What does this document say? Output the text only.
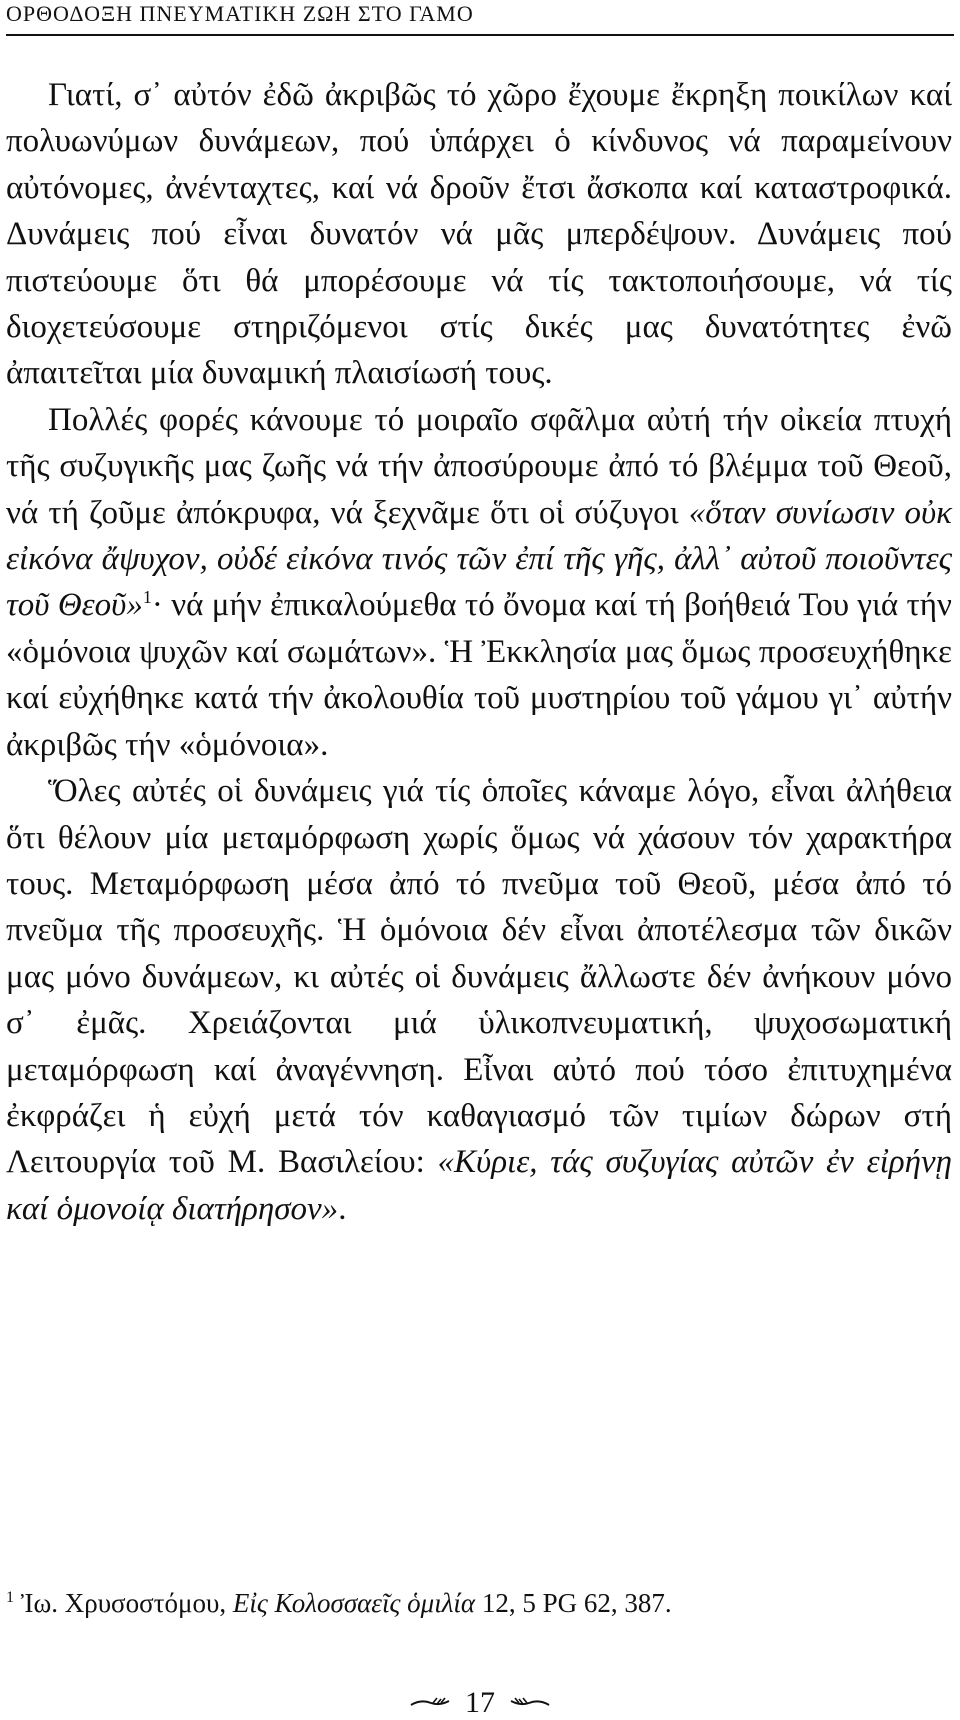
ΟΡΘΟΔΟΞΗ ΠΝΕΥΜΑΤΙΚΗ ΖΩΗ ΣΤΟ ΓΑΜΟ

Γιατί, σ᾽ αὐτόν ἐδῶ ἀκριβῶς τό χῶρο ἔχουμε ἔκρηξη ποικίλων καί πολυωνύμων δυνάμεων, πού ὑπάρχει ὁ κίνδυνος νά παραμείνουν αὐτόνομες, ἀνένταχτες, καί νά δροῦν ἔτσι ἄσκοπα καί καταστροφικά. Δυνάμεις πού εἶναι δυνατόν νά μᾶς μπερδέψουν. Δυνάμεις πού πιστεύουμε ὅτι θά μπορέσουμε νά τίς τακτοποιήσουμε, νά τίς διοχετεύσουμε στηριζόμενοι στίς δικές μας δυνατότητες ἐνῶ ἀπαιτεῖται μία δυναμική πλαισίωσή τους.

Πολλές φορές κάνουμε τό μοιραῖο σφᾶλμα αὐτή τήν οἰκεία πτυχή τῆς συζυγικῆς μας ζωῆς νά τήν ἀποσύρουμε ἀπό τό βλέμμα τοῦ Θεοῦ, νά τή ζοῦμε ἀπόκρυφα, νά ξεχνᾶμε ὅτι οἱ σύζυγοι «ὅταν συνίωσιν οὐκ εἰκόνα ἄψυχον, οὐδέ εἰκόνα τινός τῶν ἐπί τῆς γῆς, ἀλλ᾽ αὐτοῦ ποιοῦντες τοῦ Θεοῦ»$^1$· νά μήν ἐπικαλούμεθα τό ὄνομα καί τή βοήθειά Του γιά τήν «ὁμόνοια ψυχῶν καί σωμάτων». Ἡ Ἐκκλησία μας ὅμως προσευχήθηκε καί εὐχήθηκε κατά τήν ἀκολουθία τοῦ μυστηρίου τοῦ γάμου γι᾽ αὐτήν ἀκριβῶς τήν «ὁμόνοια».

Ὅλες αὐτές οἱ δυνάμεις γιά τίς ὁποῖες κάναμε λόγο, εἶναι ἀλήθεια ὅτι θέλουν μία μεταμόρφωση χωρίς ὅμως νά χάσουν τόν χαρακτήρα τους. Μεταμόρφωση μέσα ἀπό τό πνεῦμα τοῦ Θεοῦ, μέσα ἀπό τό πνεῦμα τῆς προσευχῆς. Ἡ ὁμόνοια δέν εἶναι ἀποτέλεσμα τῶν δικῶν μας μόνο δυνάμεων, κι αὐτές οἱ δυνάμεις ἄλλωστε δέν ἀνήκουν μόνο σ᾽ ἐμᾶς. Χρειάζονται μιά ὑλικοπνευματική, ψυχοσωματική μεταμόρφωση καί ἀναγέννηση. Εἶναι αὐτό πού τόσο ἐπιτυχημένα ἐκφράζει ἡ εὐχή μετά τόν καθαγιασμό τῶν τιμίων δώρων στή Λειτουργία τοῦ Μ. Βασιλείου: «Κύριε, τάς συζυγίας αὐτῶν ἐν εἰρήνῃ καί ὁμονοίᾳ διατήρησον».

$^1$ Ἰω. Χρυσοστόμου, Εἰς Κολοσσαεῖς ὁμιλία 12, 5 PG 62, 387.
17
